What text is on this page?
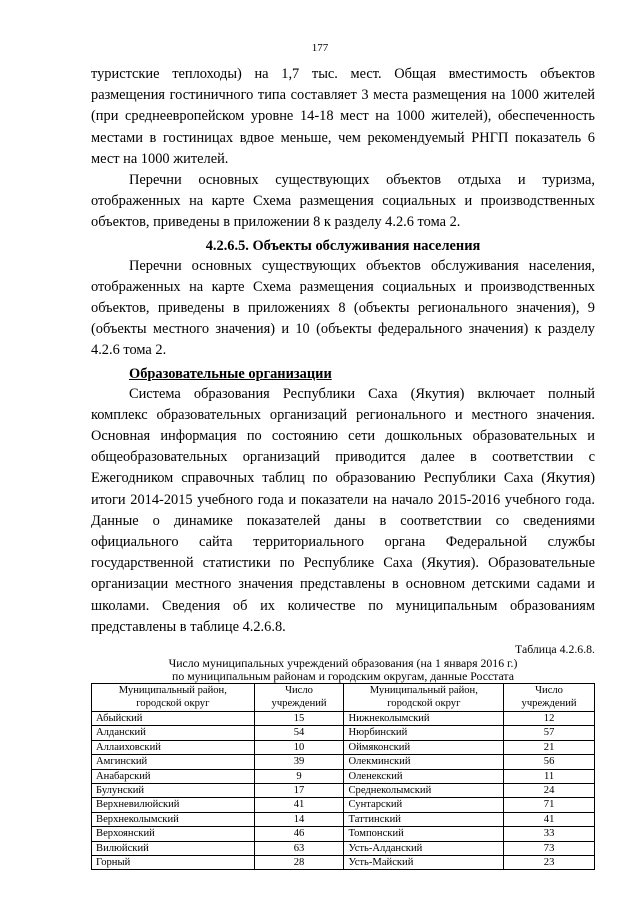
177

туристские теплоходы) на 1,7 тыс. мест. Общая вместимость объектов размещения гостиничного типа составляет 3 места размещения на 1000 жителей (при среднеевропейском уровне 14-18 мест на 1000 жителей), обеспеченность местами в гостиницах вдвое меньше, чем рекомендуемый РНГП показатель 6 мест на 1000 жителей.

Перечни основных существующих объектов отдыха и туризма, отображенных на карте Схема размещения социальных и производственных объектов, приведены в приложении 8 к разделу 4.2.6 тома 2.

4.2.6.5. Объекты обслуживания населения

Перечни основных существующих объектов обслуживания населения, отображенных на карте Схема размещения социальных и производственных объектов, приведены в приложениях 8 (объекты регионального значения), 9 (объекты местного значения) и 10 (объекты федерального значения) к разделу 4.2.6 тома 2.

Образовательные организации

Система образования Республики Саха (Якутия) включает полный комплекс образовательных организаций регионального и местного значения. Основная информация по состоянию сети дошкольных образовательных и общеобразовательных организаций приводится далее в соответствии с Ежегодником справочных таблиц по образованию Республики Саха (Якутия) итоги 2014-2015 учебного года и показатели на начало 2015-2016 учебного года. Данные о динамике показателей даны в соответствии со сведениями официального сайта территориального органа Федеральной службы государственной статистики по Республике Саха (Якутия). Образовательные организации местного значения представлены в основном детскими садами и школами. Сведения об их количестве по муниципальным образованиям представлены в таблице 4.2.6.8.

Таблица 4.2.6.8.
Число муниципальных учреждений образования (на 1 января 2016 г.)
по муниципальным районам и городским округам, данные Росстата
Муниципальный район, городской округ	Число учреждений	Муниципальный район, городской округ	Число учреждений
Абыйский	15	Нижнеколымский	12
Алданский	54	Нюрбинский	57
Аллаиховский	10	Оймяконский	21
Амгинский	39	Олекминский	56
Анабарский	9	Оленекский	11
Булунский	17	Среднеколымский	24
Верхневилюйский	41	Сунтарский	71
Верхнеколымский	14	Таттинский	41
Верхоянский	46	Томпонский	33
Вилюйский	63	Усть-Алданский	73
Горный	28	Усть-Майский	23
